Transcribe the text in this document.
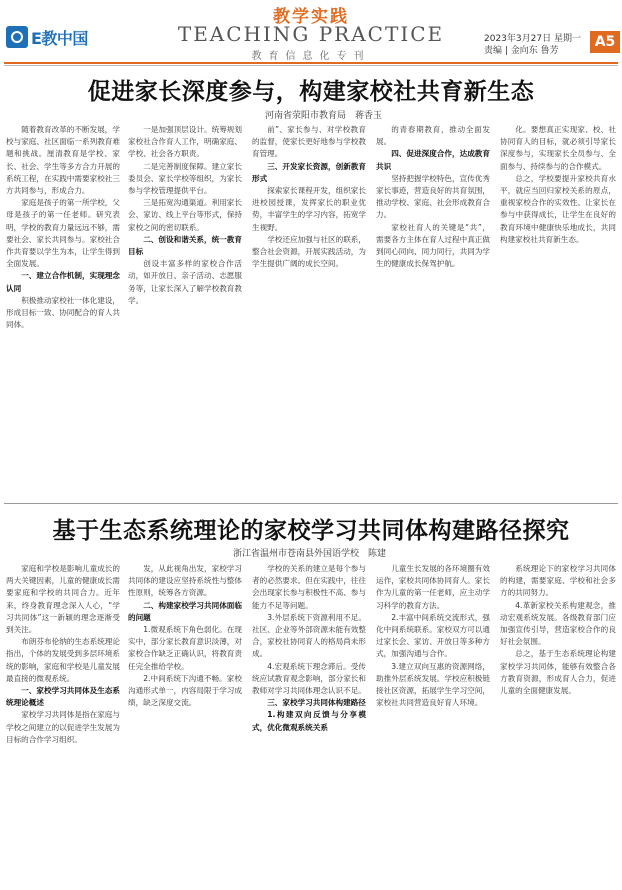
E教中国
教学实践
TEACHING PRACTICE
教育信息化专刊
2023年3月27日 星期一
责编 | 金向东 鲁芳
A5
促进家长深度参与，构建家校社共育新生态
河南省荥阳市教育局　蒋香玉

随着教育改革的不断发展，学校与家庭、社区面临一系列教育难题和挑战。厘清教育是学校、家长、社会、学生等多方合力开展的系统工程，在实践中需要家校社三方共同参与，形成合力。

家庭是孩子的第一所学校，父母是孩子的第一任老师。研究表明，学校的教育力量远远不够，需要社会、家长共同参与。家校社合作共育要以学生为本，让学生得到全面发展。

一、建立合作机制，实现理念认同

积极推动家校社一体化建设，形成目标一致、协同配合的育人共同体。

一是加强顶层设计。统筹规划家校社合作育人工作，明确家庭、学校、社会各方职责。

二是完善制度保障。建立家长委员会、家长学校等组织，为家长参与学校管理提供平台。

三是拓宽沟通渠道。利用家长会、家访、线上平台等形式，保持家校之间的密切联系。

二、创设和谐关系，统一教育目标

创设丰富多样的家校合作活动，如开放日、亲子活动、志愿服务等，让家长深入了解学校教育教学。

前”、家长参与、对学校教育的监督，使家长更好地参与学校教育管理。

三、开发家长资源，创新教育形式

探索家长课程开发，组织家长进校园授课，发挥家长的职业优势，丰富学生的学习内容，拓宽学生视野。

学校还应加强与社区的联系，整合社会资源，开展实践活动，为学生提供广阔的成长空间。

的青春期教育，推动全面发展。

四、促进深度合作，达成教育共识

坚持把握学校特色，宣传优秀家长事迹，营造良好的共育氛围，推动学校、家庭、社会形成教育合力。

家校社育人的关键是“共”，需要各方主体在育人过程中真正做到同心同向、同力同行，共同为学生的健康成长保驾护航。

化。要想真正实现家、校、社协同育人的目标，就必须引导家长深度参与，实现家长全员参与、全面参与、持续参与的合作模式。

总之，学校要提升家校共育水平，就应当回归家校关系的原点，重视家校合作的实效性。让家长在参与中获得成长，让学生在良好的教育环境中健康快乐地成长，共同构建家校社共育新生态。

基于生态系统理论的家校学习共同体构建路径探究
浙江省温州市苍南县外国语学校　陈建

家庭和学校是影响儿童成长的两大关键因素，儿童的健康成长需要家庭和学校的共同合力。近年来，终身教育理念深入人心，“学习共同体”这一新颖的理念逐渐受到关注。

布朗芬布伦纳的生态系统理论指出，个体的发展受到多层环境系统的影响，家庭和学校是儿童发展最直接的微观系统。

一、家校学习共同体及生态系统理论概述

家校学习共同体是指在家庭与学校之间建立的以促进学生发展为目标的合作学习组织。

发，从此视角出发，家校学习共同体的建设应坚持系统性与整体性原则，统筹各方资源。

二、构建家校学习共同体面临的问题

1.微观系统下角色弱化。在现实中，部分家长教育意识淡薄，对家校合作缺乏正确认识，将教育责任完全推给学校。

2.中间系统下沟通不畅。家校沟通形式单一，内容局限于学习成绩，缺乏深度交流。

学校的关系的建立是每个参与者的必然要求。但在实践中，往往会出现家长参与积极性不高、参与能力不足等问题。

3.外层系统下资源利用不足。社区、企业等外部资源未能有效整合，家校社协同育人的格局尚未形成。

4.宏观系统下理念滞后。受传统应试教育观念影响，部分家长和教师对学习共同体理念认识不足。

三、家校学习共同体构建路径

1.构建双向反馈与分享模式，优化微观系统关系

儿童生长发展的各环境圈有效运作，家校共同体协同育人。家长作为儿童的第一任老师，应主动学习科学的教育方法。

2.丰富中间系统交流形式，强化中间系统联系。家校双方可以通过家长会、家访、开放日等多种方式，加强沟通与合作。

3.建立双向互惠的资源网络，助推外层系统发展。学校应积极链接社区资源，拓展学生学习空间，家校社共同营造良好育人环境。

系统理论下的家校学习共同体的构建，需要家庭、学校和社会多方的共同努力。

4.革新家校关系构建观念，推动宏观系统发展。各级教育部门应加强宣传引导，营造家校合作的良好社会氛围。

总之，基于生态系统理论构建家校学习共同体，能够有效整合各方教育资源，形成育人合力，促进儿童的全面健康发展。
